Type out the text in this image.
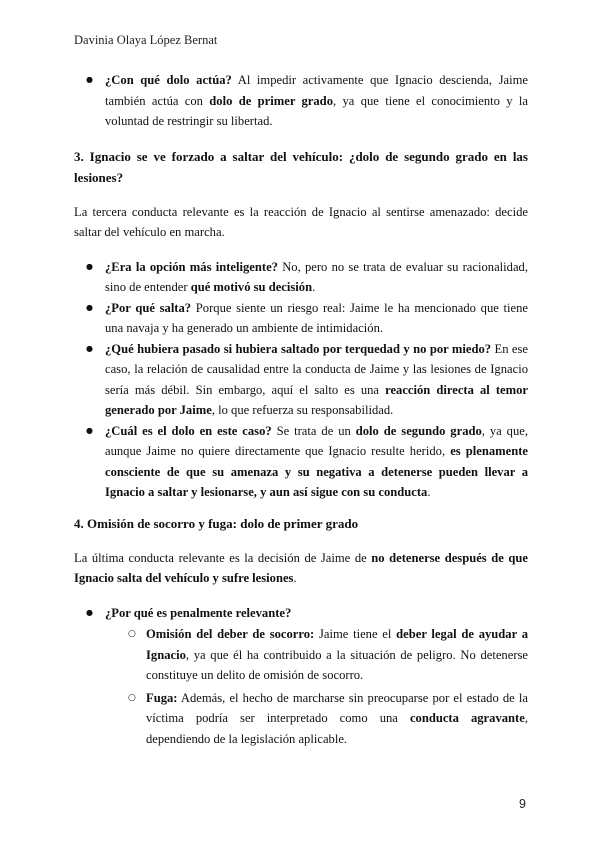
Davinia Olaya López Bernat
● ¿Con qué dolo actúa? Al impedir activamente que Ignacio descienda, Jaime también actúa con dolo de primer grado, ya que tiene el conocimiento y la voluntad de restringir su libertad.
3. Ignacio se ve forzado a saltar del vehículo: ¿dolo de segundo grado en las lesiones?

La tercera conducta relevante es la reacción de Ignacio al sentirse amenazado: decide saltar del vehículo en marcha.

● ¿Era la opción más inteligente? No, pero no se trata de evaluar su racionalidad, sino de entender qué motivó su decisión.
● ¿Por qué salta? Porque siente un riesgo real: Jaime le ha mencionado que tiene una navaja y ha generado un ambiente de intimidación.
● ¿Qué hubiera pasado si hubiera saltado por terquedad y no por miedo? En ese caso, la relación de causalidad entre la conducta de Jaime y las lesiones de Ignacio sería más débil. Sin embargo, aquí el salto es una reacción directa al temor generado por Jaime, lo que refuerza su responsabilidad.
● ¿Cuál es el dolo en este caso? Se trata de un dolo de segundo grado, ya que, aunque Jaime no quiere directamente que Ignacio resulte herido, es plenamente consciente de que su amenaza y su negativa a detenerse pueden llevar a Ignacio a saltar y lesionarse, y aun así sigue con su conducta.
4. Omisión de socorro y fuga: dolo de primer grado

La última conducta relevante es la decisión de Jaime de no detenerse después de que Ignacio salta del vehículo y sufre lesiones.

● ¿Por qué es penalmente relevante?
○ Omisión del deber de socorro: Jaime tiene el deber legal de ayudar a Ignacio, ya que él ha contribuido a la situación de peligro. No detenerse constituye un delito de omisión de socorro.
○ Fuga: Además, el hecho de marcharse sin preocuparse por el estado de la víctima podría ser interpretado como una conducta agravante, dependiendo de la legislación aplicable.
9
